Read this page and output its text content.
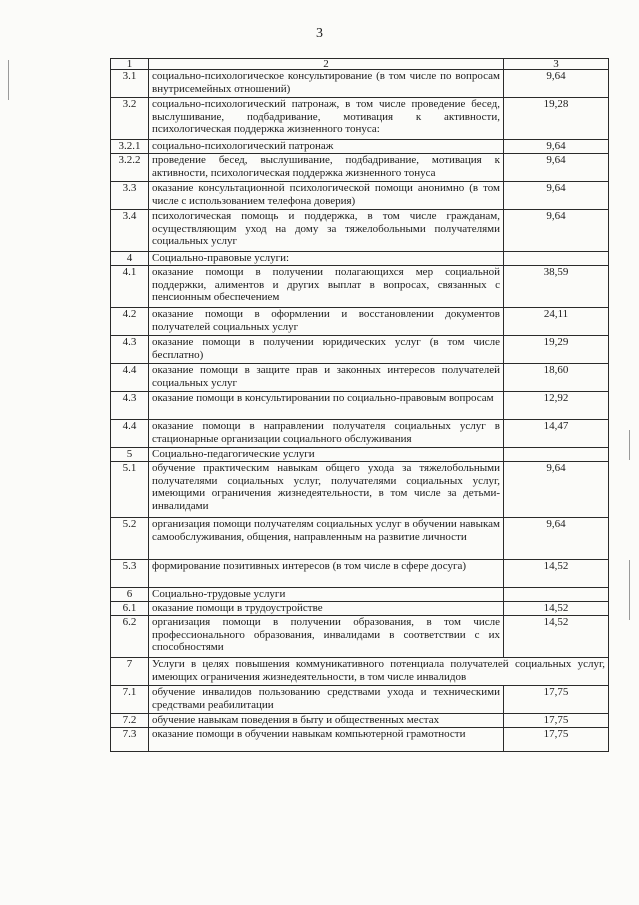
3
1	2	3
3.1	социально-психологическое консультирование (в том числе по вопросам внутрисемейных отношений)	9,64
3.2	социально-психологический патронаж, в том числе проведение бесед, выслушивание, подбадривание, мотивация к активности, психологическая поддержка жизненного тонуса:	19,28
3.2.1	социально-психологический патронаж	9,64
3.2.2	проведение бесед, выслушивание, подбадривание, мотивация к активности, психологическая поддержка жизненного тонуса	9,64
3.3	оказание консультационной психологической помощи анонимно (в том числе с использованием телефона доверия)	9,64
3.4	психологическая помощь и поддержка, в том числе гражданам, осуществляющим уход на дому за тяжелобольными получателями социальных услуг	9,64
4	Социально-правовые услуги:	
4.1	оказание помощи в получении полагающихся мер социальной поддержки, алиментов и других выплат в вопросах, связанных с пенсионным обеспечением	38,59
4.2	оказание помощи в оформлении и восстановлении документов получателей социальных услуг	24,11
4.3	оказание помощи в получении юридических услуг (в том числе бесплатно)	19,29
4.4	оказание помощи в защите прав и законных интересов получателей социальных услуг	18,60
4.3	оказание помощи в консультировании по социально-правовым вопросам	12,92
4.4	оказание помощи в направлении получателя социальных услуг в стационарные организации социального обслуживания	14,47
5	Социально-педагогические услуги	
5.1	обучение практическим навыкам общего ухода за тяжелобольными получателями социальных услуг, получателями социальных услуг, имеющими ограничения жизнедеятельности, в том числе за детьми-инвалидами	9,64
5.2	организация помощи получателям социальных услуг в обучении навыкам самообслуживания, общения, направленным на развитие личности	9,64
5.3	формирование позитивных интересов (в том числе в сфере досуга)	14,52
6	Социально-трудовые услуги	
6.1	оказание помощи в трудоустройстве	14,52
6.2	организация помощи в получении образования, в том числе профессионального образования, инвалидами в соответствии с их способностями	14,52
7	Услуги в целях повышения коммуникативного потенциала получателей социальных услуг, имеющих ограничения жизнедеятельности, в том числе инвалидов	
7.1	обучение инвалидов пользованию средствами ухода и техническими средствами реабилитации	17,75
7.2	обучение навыкам поведения в быту и общественных местах	17,75
7.3	оказание помощи в обучении навыкам компьютерной грамотности	17,75
